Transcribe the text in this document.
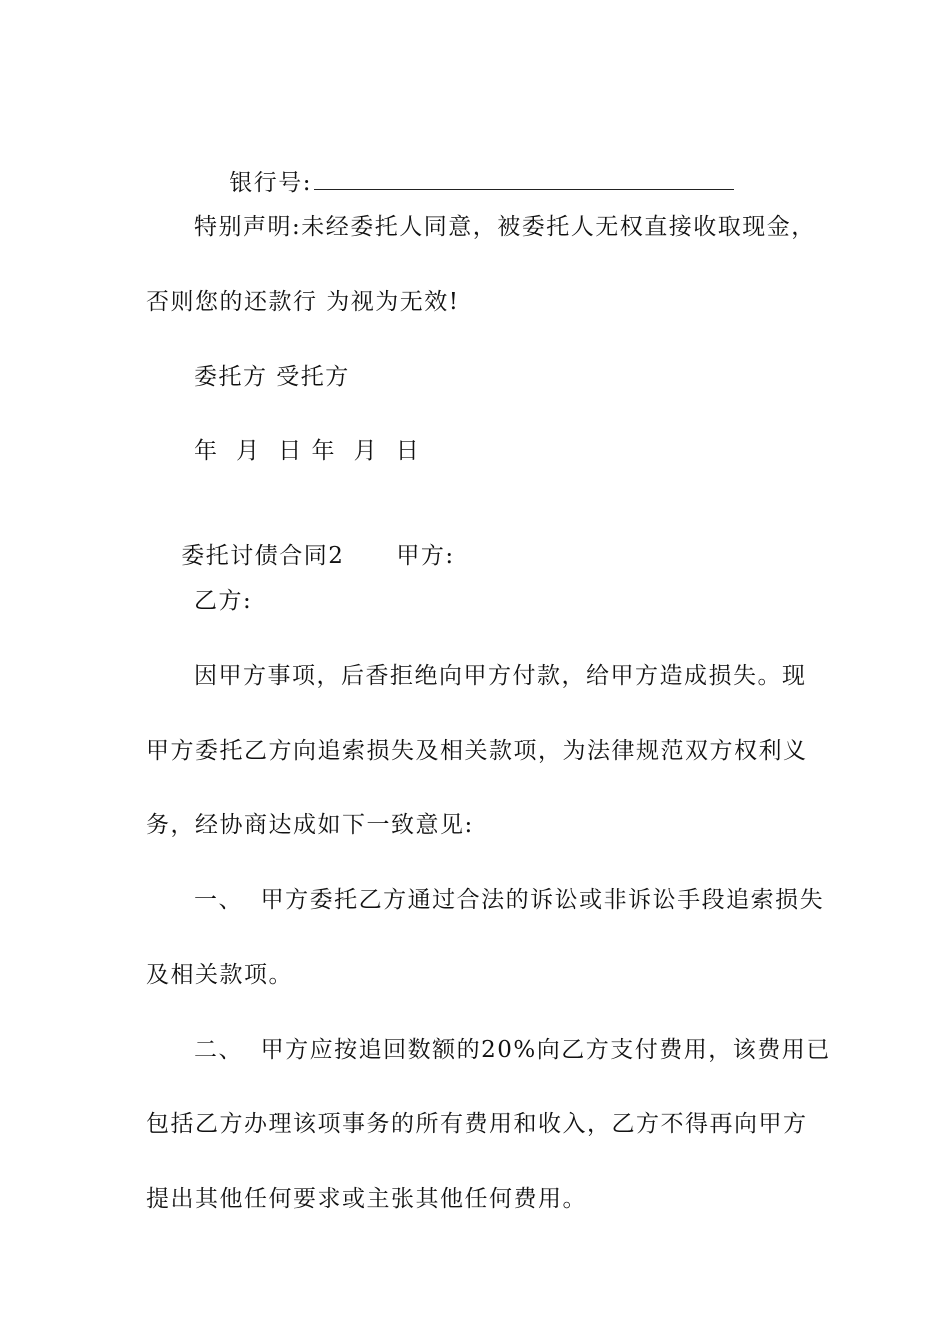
银行号:

特别声明:未经委托人同意，被委托人无权直接收取现金，
否则您的还款行 为视为无效!
委托方 受托方
年  月  日 年  月  日

委托讨债合同2 甲方:

乙方:
因甲方事项，后香拒绝向甲方付款，给甲方造成损失。现
甲方委托乙方向追索损失及相关款项，为法律规范双方权利义
务，经协商达成如下一致意见:
一、  甲方委托乙方通过合法的诉讼或非诉讼手段追索损失
及相关款项。
二、  甲方应按追回数额的20%向乙方支付费用，该费用已
包括乙方办理该项事务的所有费用和收入，乙方不得再向甲方
提出其他任何要求或主张其他任何费用。
